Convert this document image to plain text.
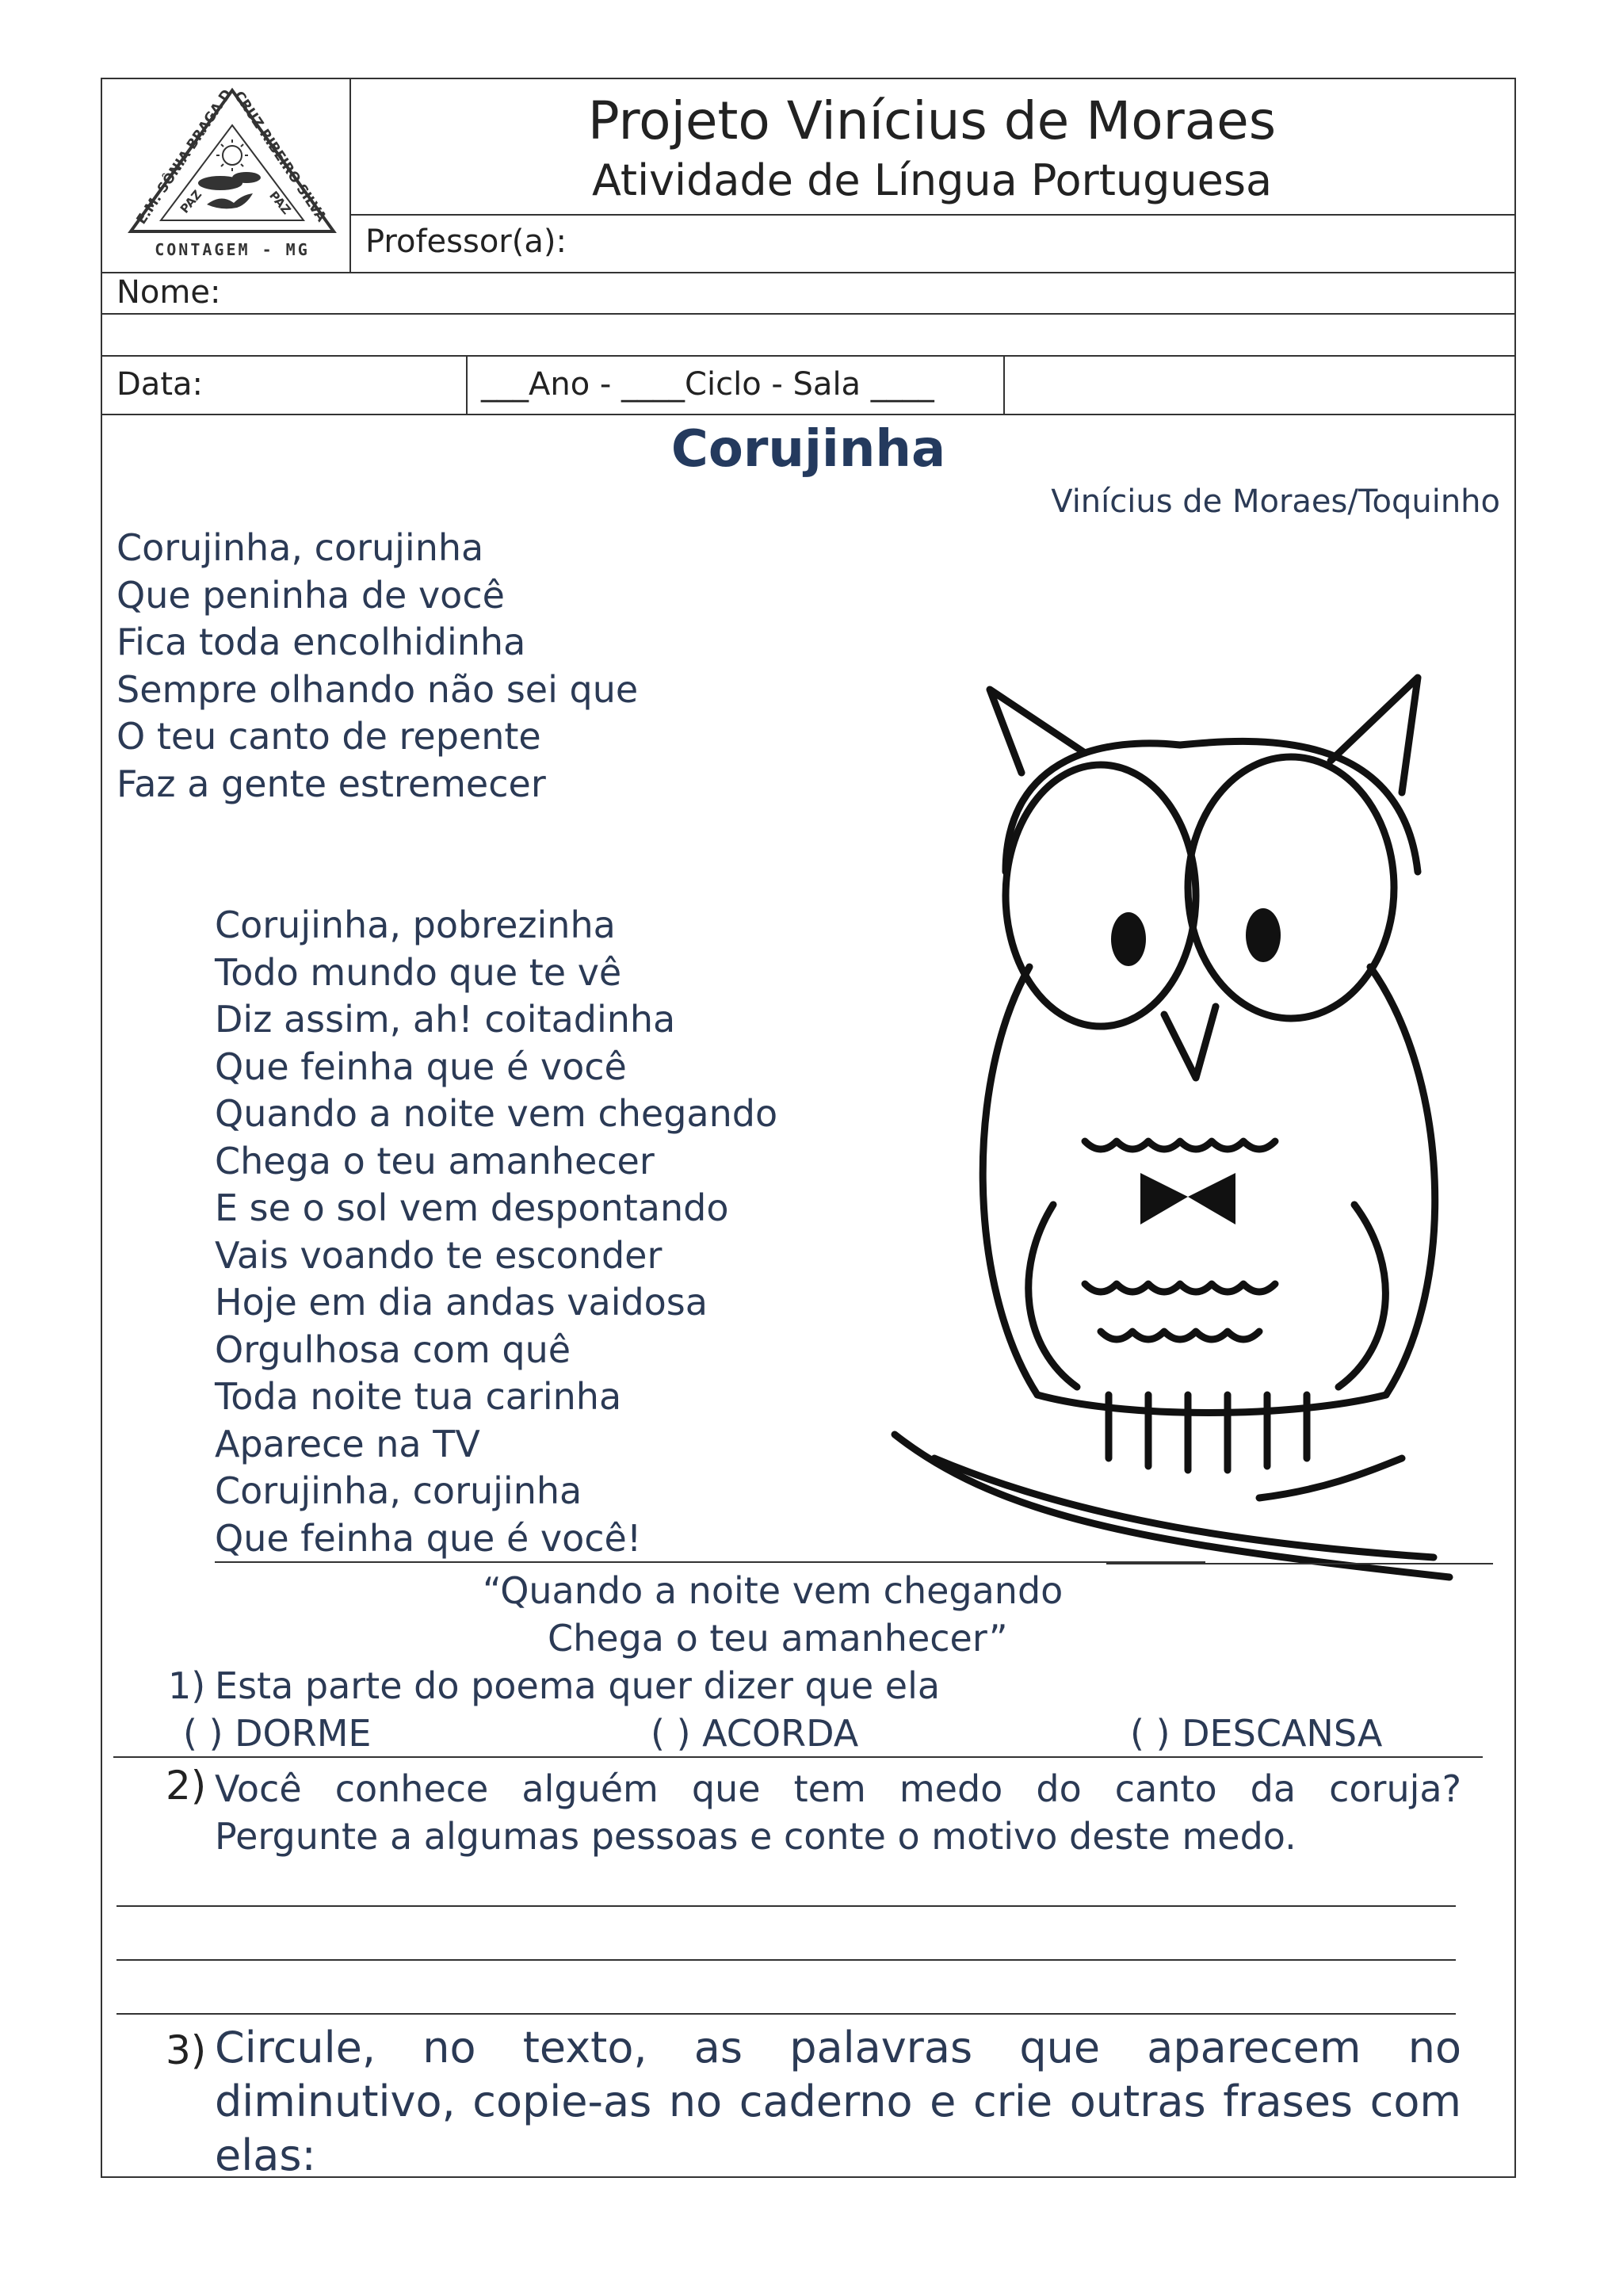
E.M. SÔNIA BRAGA D
CRUZ RIBEIRO SILVA
PAZ	PAZ
CONTAGEM - MG
Projeto Vinícius de Moraes
Atividade de Língua Portuguesa
Professor(a):
Nome:
Data:	___Ano - ____Ciclo - Sala ____
Corujinha
Vinícius de Moraes/Toquinho
Corujinha, corujinha
Que peninha de você
Fica toda encolhidinha
Sempre olhando não sei que
O teu canto de repente
Faz a gente estremecer
Corujinha, pobrezinha
Todo mundo que te vê
Diz assim, ah! coitadinha
Que feinha que é você
Quando a noite vem chegando
Chega o teu amanhecer
E se o sol vem despontando
Vais voando te esconder
Hoje em dia andas vaidosa
Orgulhosa com quê
Toda noite tua carinha
Aparece na TV
Corujinha, corujinha
Que feinha que é você!
“Quando a noite vem chegando
Chega o teu amanhecer”
1) Esta parte do poema quer dizer que ela
( ) DORME	( ) ACORDA	( ) DESCANSA
2) Você conhece alguém que tem medo do canto da coruja?
Pergunte a algumas pessoas e conte o motivo deste medo.
3) Circule, no texto, as palavras que aparecem no
diminutivo, copie-as no caderno e crie outras frases com
elas:
